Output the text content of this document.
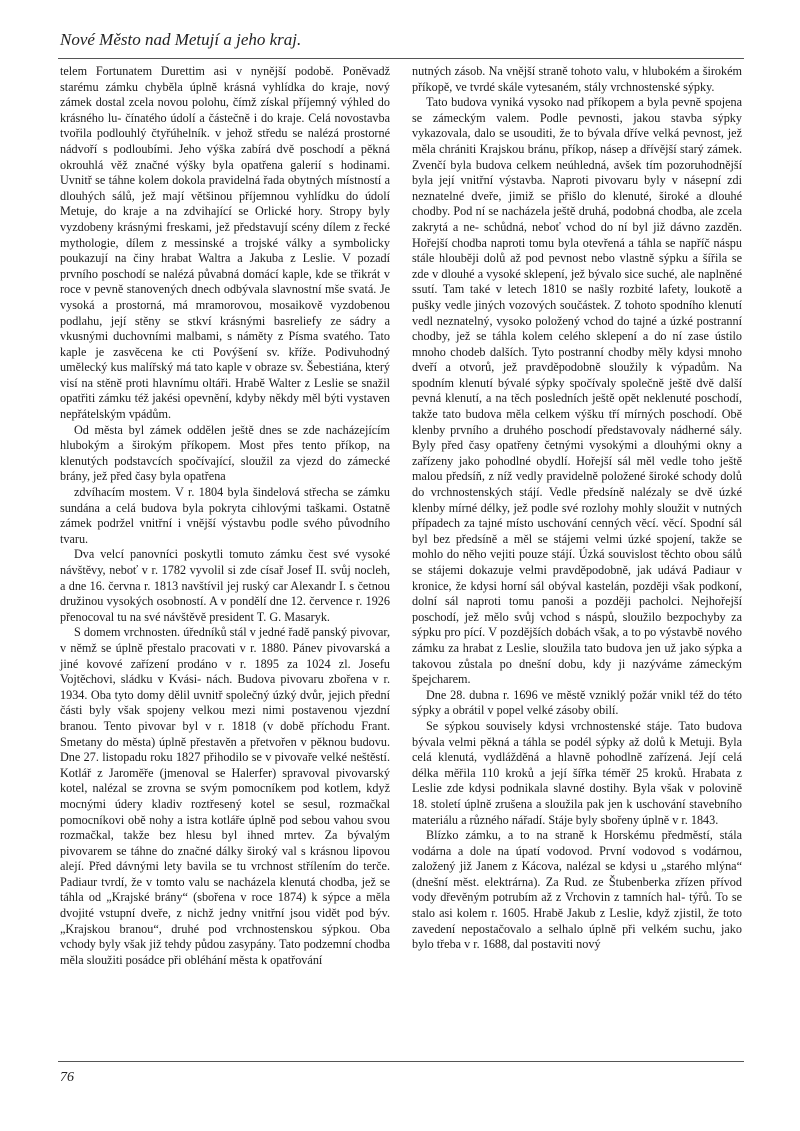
Nové Město nad Metují a jeho kraj.

telem Fortunatem Durettim asi v nynější podobě. Poněvadž starému zámku chyběla úplně krásná vyhlídka do kraje, nový zámek dostal zcela novou polohu, čímž získal příjemný výhled do krásného lu- čínatého údolí a částečně i do kraje. Celá novostavba tvořila podlouhlý čtyřúhelník. v jehož středu se nalézá prostorné nádvoří s podloubími. Jeho výška zabírá dvě poschodí a pěkná okrouhlá věž značné výšky byla opatřena galerií s hodinami. Uvnitř se táhne kolem dokola pravidelná řada obytných místností a dlouhých sálů, jež mají většinou příjemnou vyhlídku do údolí Metuje, do kraje a na zdvihající se Orlické hory. Stropy byly vyzdobeny krásnými freskami, jež představují scény dílem z řecké mythologie, dílem z messinské a trojské války a symbolicky poukazují na činy hrabat Waltra a Jakuba z Leslie. V pozadí prvního poschodí se nalézá půvabná domácí kaple, kde se třikrát v roce v pevně stanovených dnech odbývala slavnostní mše svatá. Je vysoká a prostorná, má mramorovou, mosaikově vyzdobenou podlahu, její stěny se stkví krásnými basreliefy ze sádry a vkusnými duchovními malbami, s náměty z Písma svatého. Tato kaple je zasvěcena ke cti Povýšení sv. kříže. Podivuhodný umělecký kus malířský má tato kaple v obraze sv. Šebestiána, který visí na stěně proti hlavnímu oltáři. Hrabě Walter z Leslie se snažil opatřiti zámku též jakési opevnění, kdyby někdy měl býti vystaven nepřátelským vpádům.

Od města byl zámek oddělen ještě dnes se zde nacházejícím hlubokým a širokým příkopem. Most přes tento příkop, na klenutých podstavcích spočívající, sloužil za vjezd do zámecké brány, jež před časy byla opatřena

zdvíhacím mostem. V r. 1804 byla šindelová střecha se zámku sundána a celá budova byla pokryta cihlovými taškami. Ostatně zámek podržel vnitřní i vnější výstavbu podle svého původního tvaru.

Dva velcí panovníci poskytli tomuto zámku čest své vysoké návštěvy, neboť v r. 1782 vyvolil si zde císař Josef II. svůj nocleh, a dne 16. června r. 1813 navštívil jej ruský car Alexandr I. s četnou družinou vysokých osobností. A v pondělí dne 12. července r. 1926 přenocoval tu na své návštěvě president T. G. Masaryk.

S domem vrchnosten. úředníků stál v jedné řadě panský pivovar, v němž se úplně přestalo pracovati v r. 1880. Pánev pivovarská a jiné kovové zařízení prodáno v r. 1895 za 1024 zl. Josefu Vojtěchovi, sládku v Kvási- nách. Budova pivovaru zbořena v r. 1934. Oba tyto domy dělil uvnitř společný úzký dvůr, jejich přední části byly však spojeny velkou mezi nimi postavenou vjezdní branou. Tento pivovar byl v r. 1818 (v době příchodu Frant. Smetany do města) úplně přestavěn a přetvořen v pěknou budovu. Dne 27. listopadu roku 1827 přihodilo se v pivovaře velké neštěstí. Kotlář z Jaroměře (jmenoval se Halerfer) spravoval pivovarský kotel, nalézal se zrovna se svým pomocníkem pod kotlem, když mocnými údery kladiv roztřesený kotel se sesul, rozmačkal pomocníkovi obě nohy a istra kotláře úplně pod sebou vahou svou rozmačkal, takže bez hlesu byl ihned mrtev. Za bývalým pivovarem se táhne do značné dálky široký val s krásnou lipovou alejí. Před dávnými lety bavila se tu vrchnost střílením do terče. Padiaur tvrdí, že v tomto valu se nacházela klenutá chodba, jež se táhla od „Krajské brány“ (sbořena v roce 1874) k sýpce a měla dvojité vstupní dveře, z nichž jedny vnitřní jsou vidět pod býv. „Krajskou branou“, druhé pod vrchnostenskou sýpkou. Oba vchody byly však již tehdy půdou zasypány. Tato podzemní chodba měla sloužiti posádce při obléhání města k opatřování

nutných zásob. Na vnější straně tohoto valu, v hlubokém a širokém příkopě, ve tvrdé skále vytesaném, stály vrchnostenské sýpky.

Tato budova vyniká vysoko nad příkopem a byla pevně spojena se zámeckým valem. Podle pevnosti, jakou stavba sýpky vykazovala, dalo se usouditi, že to bývala dříve velká pevnost, jež měla chrániti Krajskou bránu, příkop, násep a dřívější starý zámek. Zvenčí byla budova celkem neúhledná, avšek tím pozoruhodnější byla její vnitřní výstavba. Naproti pivovaru byly v násepní zdi neznatelné dveře, jimiž se přišlo do klenuté, široké a dlouhé chodby. Pod ní se nacházela ještě druhá, podobná chodba, ale zcela zakrytá a ne- schůdná, neboť vchod do ní byl již dávno zazděn. Hořejší chodba naproti tomu byla otevřená a táhla se napříč náspu stále hlouběji dolů až pod pevnost nebo vlastně sýpku a šířila se zde v dlouhé a vysoké sklepení, jež bývalo sice suché, ale naplněné ssutí. Tam také v letech 1810 se našly rozbité lafety, loukotě a pušky vedle jiných vozových součástek. Z tohoto spodního klenutí vedl neznatelný, vysoko položený vchod do tajné a úzké postranní chodby, jež se táhla kolem celého sklepení a do ní zase ústilo mnoho chodeb dalších. Tyto postranní chodby měly kdysi mnoho dveří a otvorů, jež pravděpodobně sloužily k výpadům. Na spodním klenutí bývalé sýpky spočívaly společně ještě dvě další pevná klenutí, a na těch posledních ještě opět neklenuté poschodí, takže tato budova měla celkem výšku tří mírných poschodí. Obě klenby prvního a druhého poschodí představovaly nádherné sály. Byly před časy opatřeny četnými vysokými a dlouhými okny a zařízeny jako pohodlné obydlí. Hořejší sál měl vedle toho ještě malou předsíň, z níž vedly pravidelně položené široké schody dolů do vrchnostenských stájí. Vedle předsíně nalézaly se dvě úzké klenby mírné délky, jež podle své rozlohy mohly sloužit v nutných případech za tajné místo uschování cenných věcí. věcí. Spodní sál byl bez předsíně a měl se stájemi velmi úzké spojení, takže se mohlo do něho vejiti pouze stájí. Úzká souvislost těchto obou sálů se stájemi dokazuje velmi pravděpodobně, jak udává Padiaur v kronice, že kdysi horní sál obýval kastelán, později však podkoní, dolní sál naproti tomu panoši a později pacholci. Nejhořejší poschodí, jež mělo svůj vchod s náspů, sloužilo bezpochyby za sýpku pro pící. V pozdějších dobách však, a to po výstavbě nového zámku za hrabat z Leslie, sloužila tato budova jen už jako sýpka a takovou zůstala po dnešní dobu, kdy ji nazýváme zámeckým špejcharem.

Dne 28. dubna r. 1696 ve městě vzniklý požár vnikl též do této sýpky a obrátil v popel velké zásoby obilí.

Se sýpkou souvisely kdysi vrchnostenské stáje. Tato budova bývala velmi pěkná a táhla se podél sýpky až dolů k Metuji. Byla celá klenutá, vydlážděná a hlavně pohodlně zařízená. Její celá délka měřila 110 kroků a její šířka téměř 25 kroků. Hrabata z Leslie zde kdysi podnikala slavné dostihy. Byla však v polovině 18. století úplně zrušena a sloužila pak jen k uschování stavebního materiálu a různého nářadí. Stáje byly sbořeny úplně v r. 1843.

Blízko zámku, a to na straně k Horskému předměstí, stála vodárna a dole na úpatí vodovod. První vodovod s vodárnou, založený již Janem z Kácova, nalézal se kdysi u „starého mlýna“ (dnešní měst. elektrárna). Za Rud. ze Štubenberka zřízen přívod vody dřevěným potrubím až z Vrchovin z tamních hal- týřů. To se stalo asi kolem r. 1605. Hrabě Jakub z Leslie, když zjistil, že toto zavedení nepostačovalo a selhalo úplně při velkém suchu, jako bylo třeba v r. 1688, dal postaviti nový

76
